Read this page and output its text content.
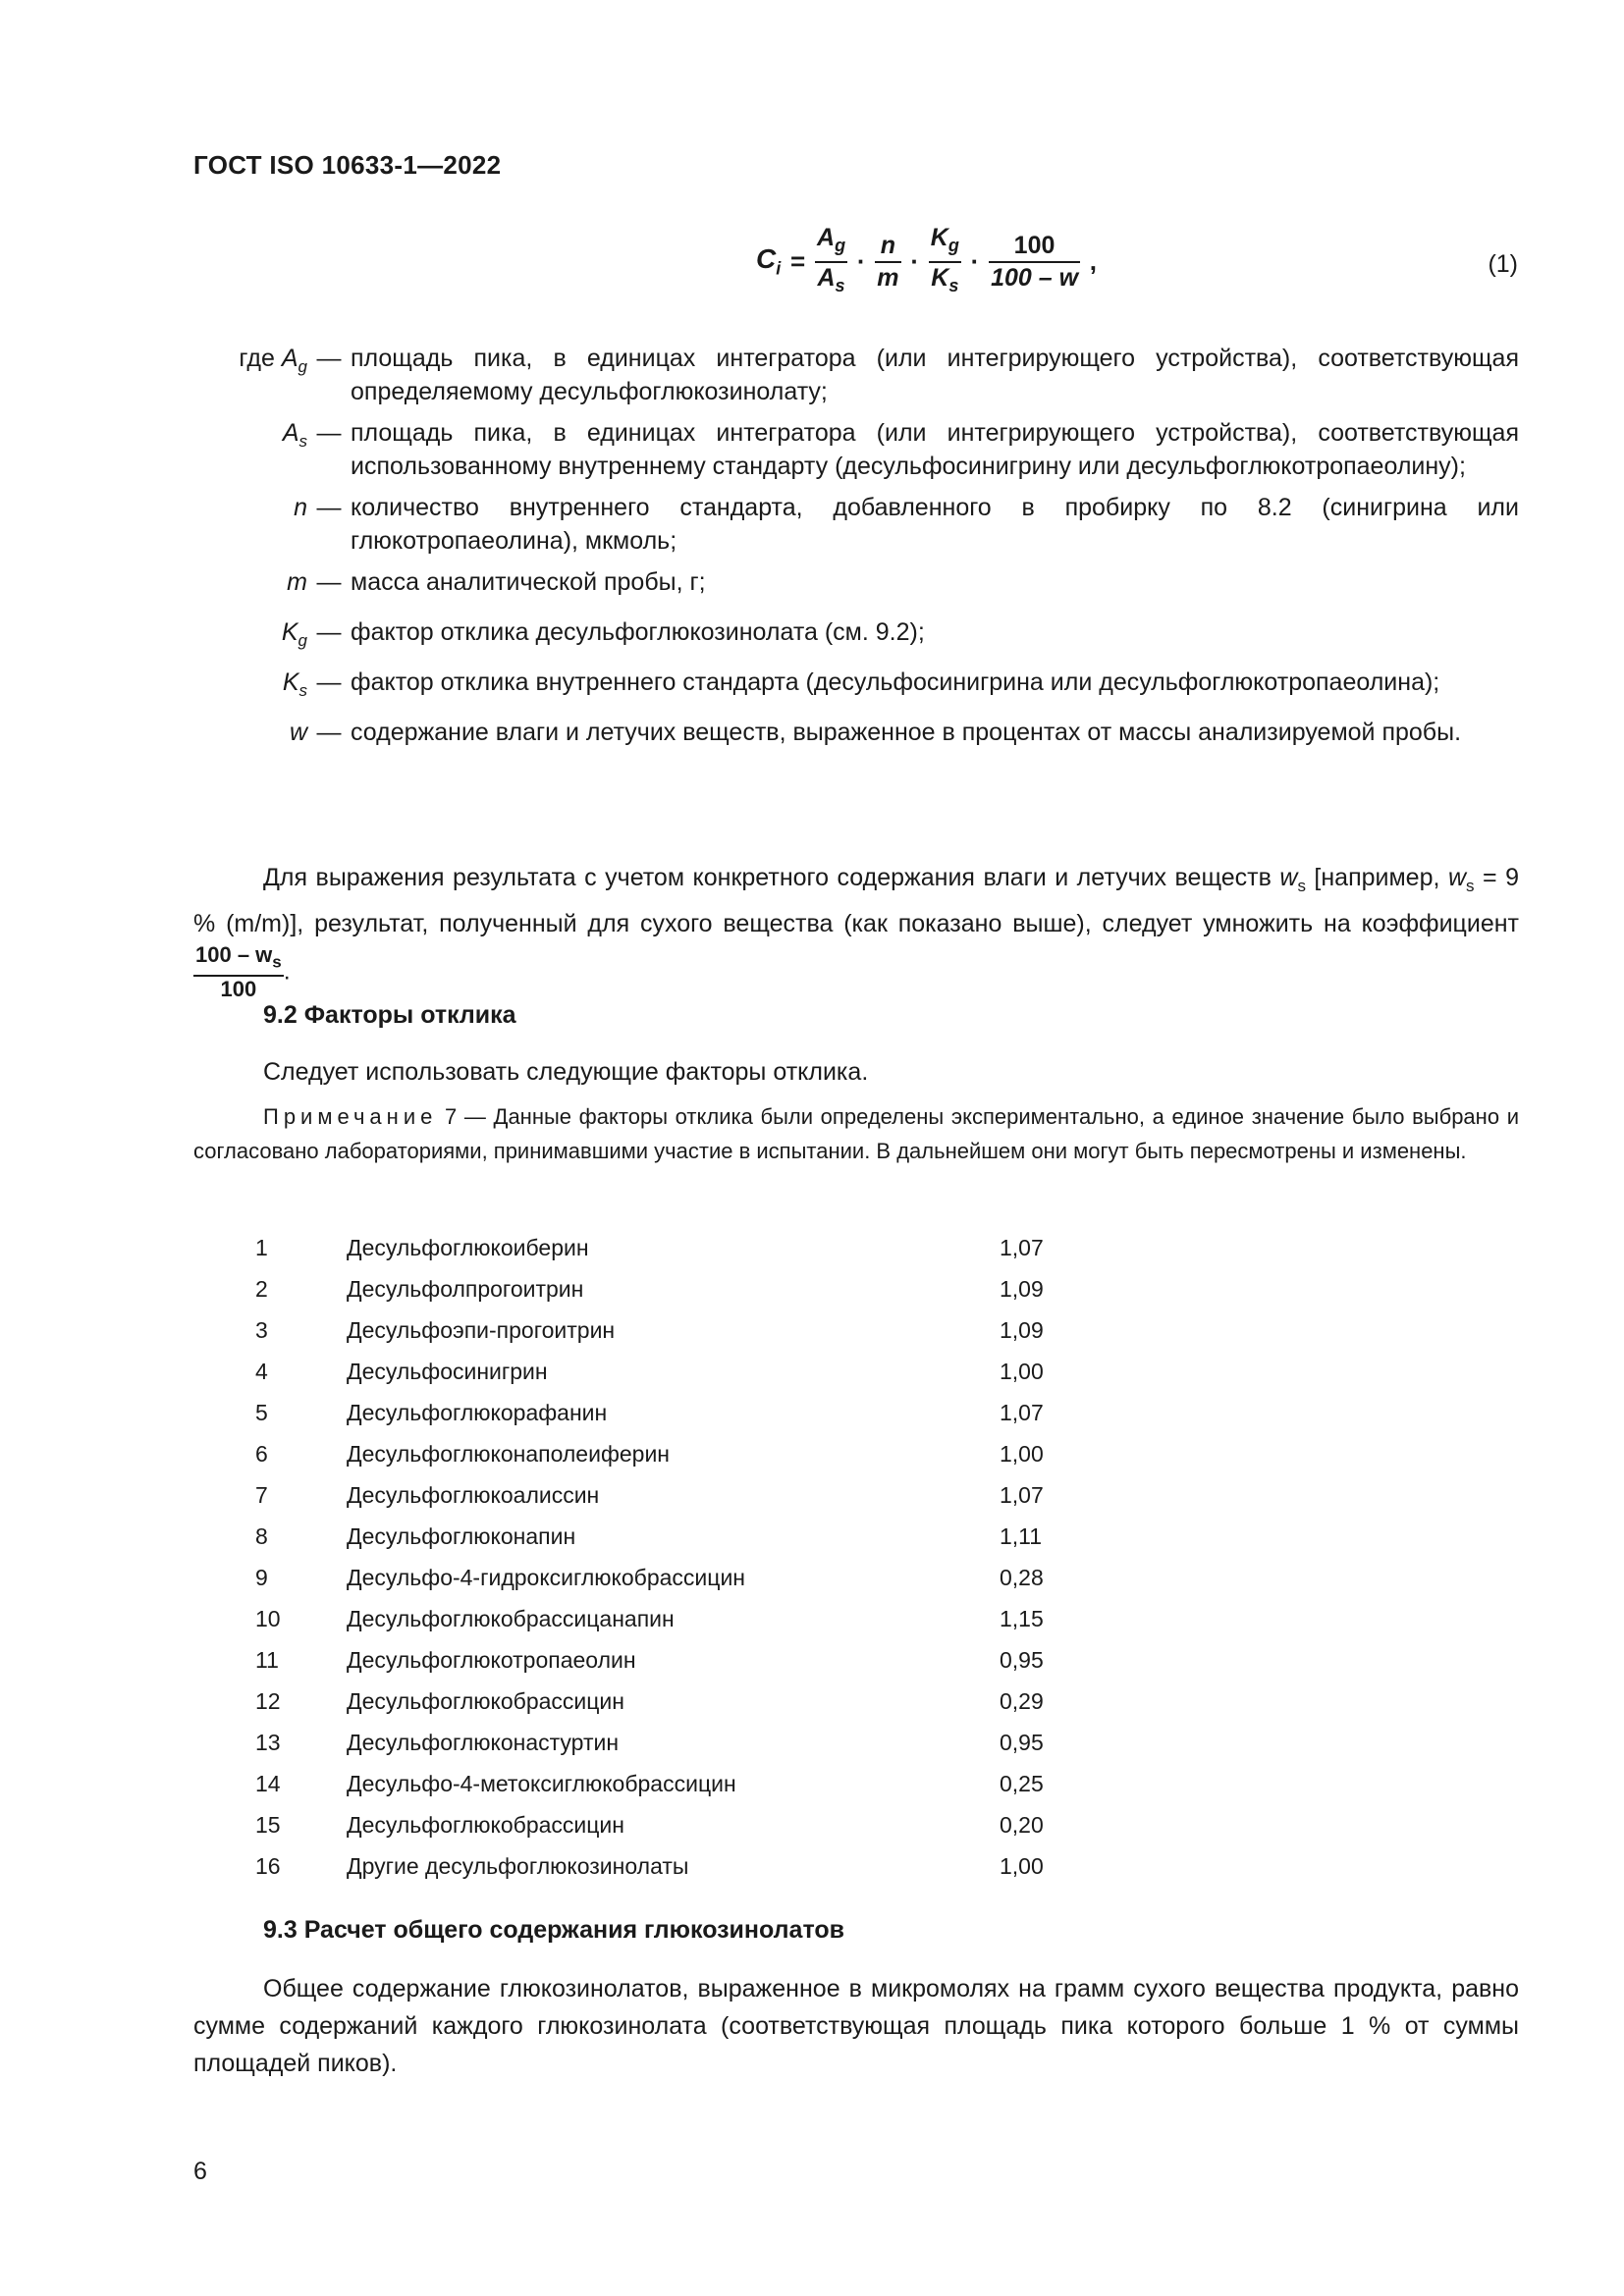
ГОСТ ISO 10633-1—2022
$C_i = \frac{A_g}{A_s} \cdot \frac{n}{m} \cdot \frac{K_g}{K_s} \cdot \frac{100}{100 - w}$ ,	(1)
где $A_g$ — площадь пика, в единицах интегратора (или интегрирующего устройства), соответствующая определяемому десульфоглюкозинолату;
$A_s$ — площадь пика, в единицах интегратора (или интегрирующего устройства), соответствующая использованному внутреннему стандарту (десульфосинигрину или десульфоглюкотропаеолину);
n — количество внутреннего стандарта, добавленного в пробирку по 8.2 (синигрина или глюкотропаеолина), мкмоль;
m — масса аналитической пробы, г;
$K_g$ — фактор отклика десульфоглюкозинолата (см. 9.2);
$K_s$ — фактор отклика внутреннего стандарта (десульфосинигрина или десульфоглюкотропаеолина);
w — содержание влаги и летучих веществ, выраженное в процентах от массы анализируемой пробы.
Для выражения результата с учетом конкретного содержания влаги и летучих веществ $w_s$ [например, $w_s = 9$ % (m/m)], результат, полученный для сухого вещества (как показано выше), следует умножить на коэффициент
$\frac{100 - w_s}{100}$ .
9.2 Факторы отклика
Следует использовать следующие факторы отклика.
Примечание 7 — Данные факторы отклика были определены экспериментально, а единое значение было выбрано и согласовано лабораториями, принимавшими участие в испытании. В дальнейшем они могут быть пересмотрены и изменены.
1	Десульфоглюкоиберин	1,07
2	Десульфолпрогоитрин	1,09
3	Десульфоэпи-прогоитрин	1,09
4	Десульфосинигрин	1,00
5	Десульфоглюкорафанин	1,07
6	Десульфоглюконаполеиферин	1,00
7	Десульфоглюкоалиссин	1,07
8	Десульфоглюконапин	1,11
9	Десульфо-4-гидроксиглюкобрассицин	0,28
10	Десульфоглюкобрассицанапин	1,15
11	Десульфоглюкотропаеолин	0,95
12	Десульфоглюкобрассицин	0,29
13	Десульфоглюконастуртин	0,95
14	Десульфо-4-метоксиглюкобрассицин	0,25
15	Десульфоглюкобрассицин	0,20
16	Другие десульфоглюкозинолаты	1,00
9.3 Расчет общего содержания глюкозинолатов
Общее содержание глюкозинолатов, выраженное в микромолях на грамм сухого вещества продукта, равно сумме содержаний каждого глюкозинолата (соответствующая площадь пика которого больше 1 % от суммы площадей пиков).
6
